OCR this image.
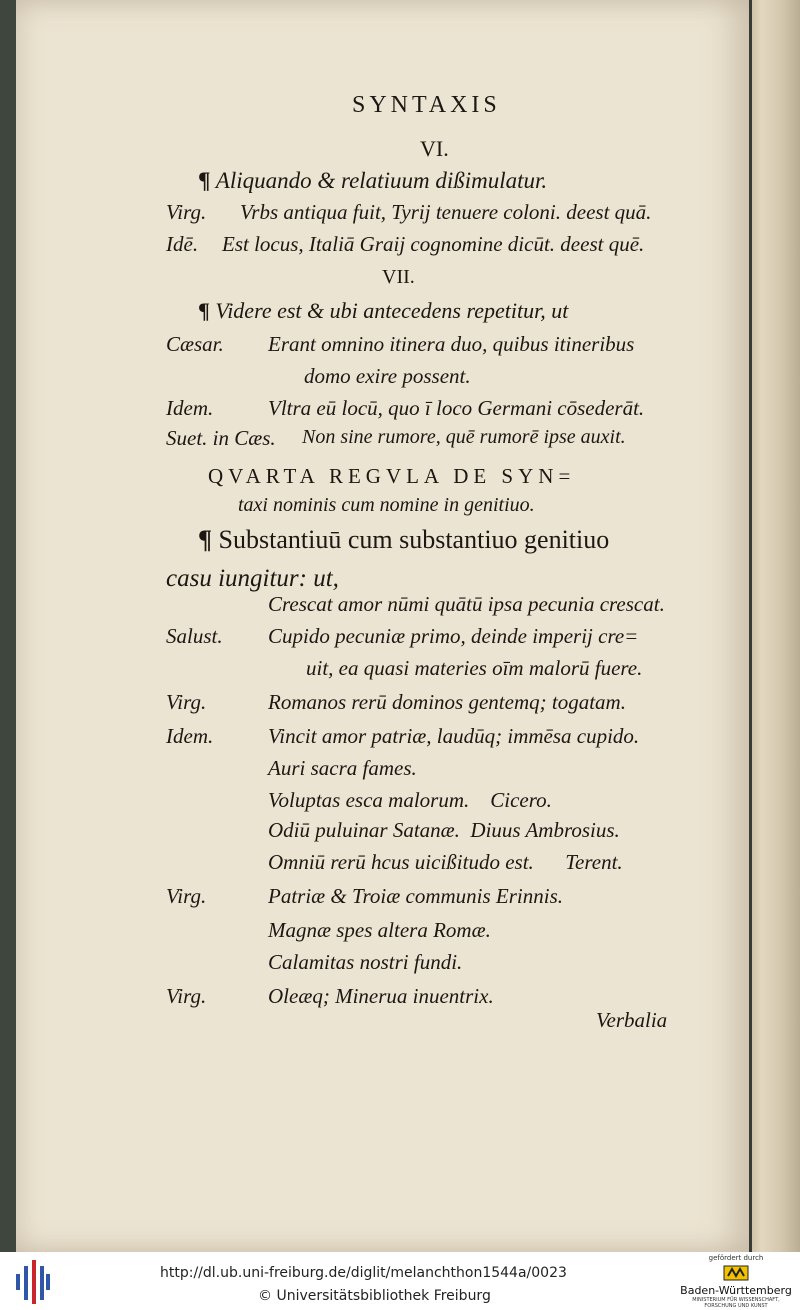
SYNTAXIS
VI.
¶ Aliquando & relatiuum dißimulatur.
Virg. Vrbs antiqua fuit, Tyrij tenuere coloni. deest quā.
Idē. Est locus, Italiā Graij cognomine dicūt. deest quē.
VII.
¶ Videre est & ubi antecedens repetitur, ut
Cæsar. Erant omnino itinera duo, quibus itineribus
domo exire possent.
Idem.	Vltra eū locū, quo ī loco Germani cōsederāt.
Suet. in Cæs. Non sine rumore, quē rumorē ipse auxit.
QVARTA REGVLA DE SYN=
taxi nominis cum nomine in genitiuo.
¶ Substantiuū cum substantiuo genitiuo
casu iungitur: ut,
Crescat amor nūmi quātū ipsa pecunia crescat.
Salust. Cupido pecuniæ primo, deinde imperij cre=
uit, ea quasi materies oīm malorū fuere.
Virg.	Romanos rerū dominos gentemq; togatam.
Idem.	Vincit amor patriæ, laudūq; immēsa cupido.
Auri sacra fames.
Voluptas esca malorum.    Cicero.
Odiū puluinar Satanæ.  Diuus Ambrosius.
Omniū rerū hcus uicißitudo est.      Terent.
Virg.	Patriæ & Troiæ communis Erinnis.
Magnæ spes altera Romæ.
Calamitas nostri fundi.
Virg.	Oleæq; Minerua inuentrix.
Verbalia
http://dl.ub.uni-freiburg.de/diglit/melanchthon1544a/0023
© Universitätsbibliothek Freiburg
gefördert durch
Baden-Württemberg
MINISTERIUM FÜR WISSENSCHAFT, FORSCHUNG UND KUNST
